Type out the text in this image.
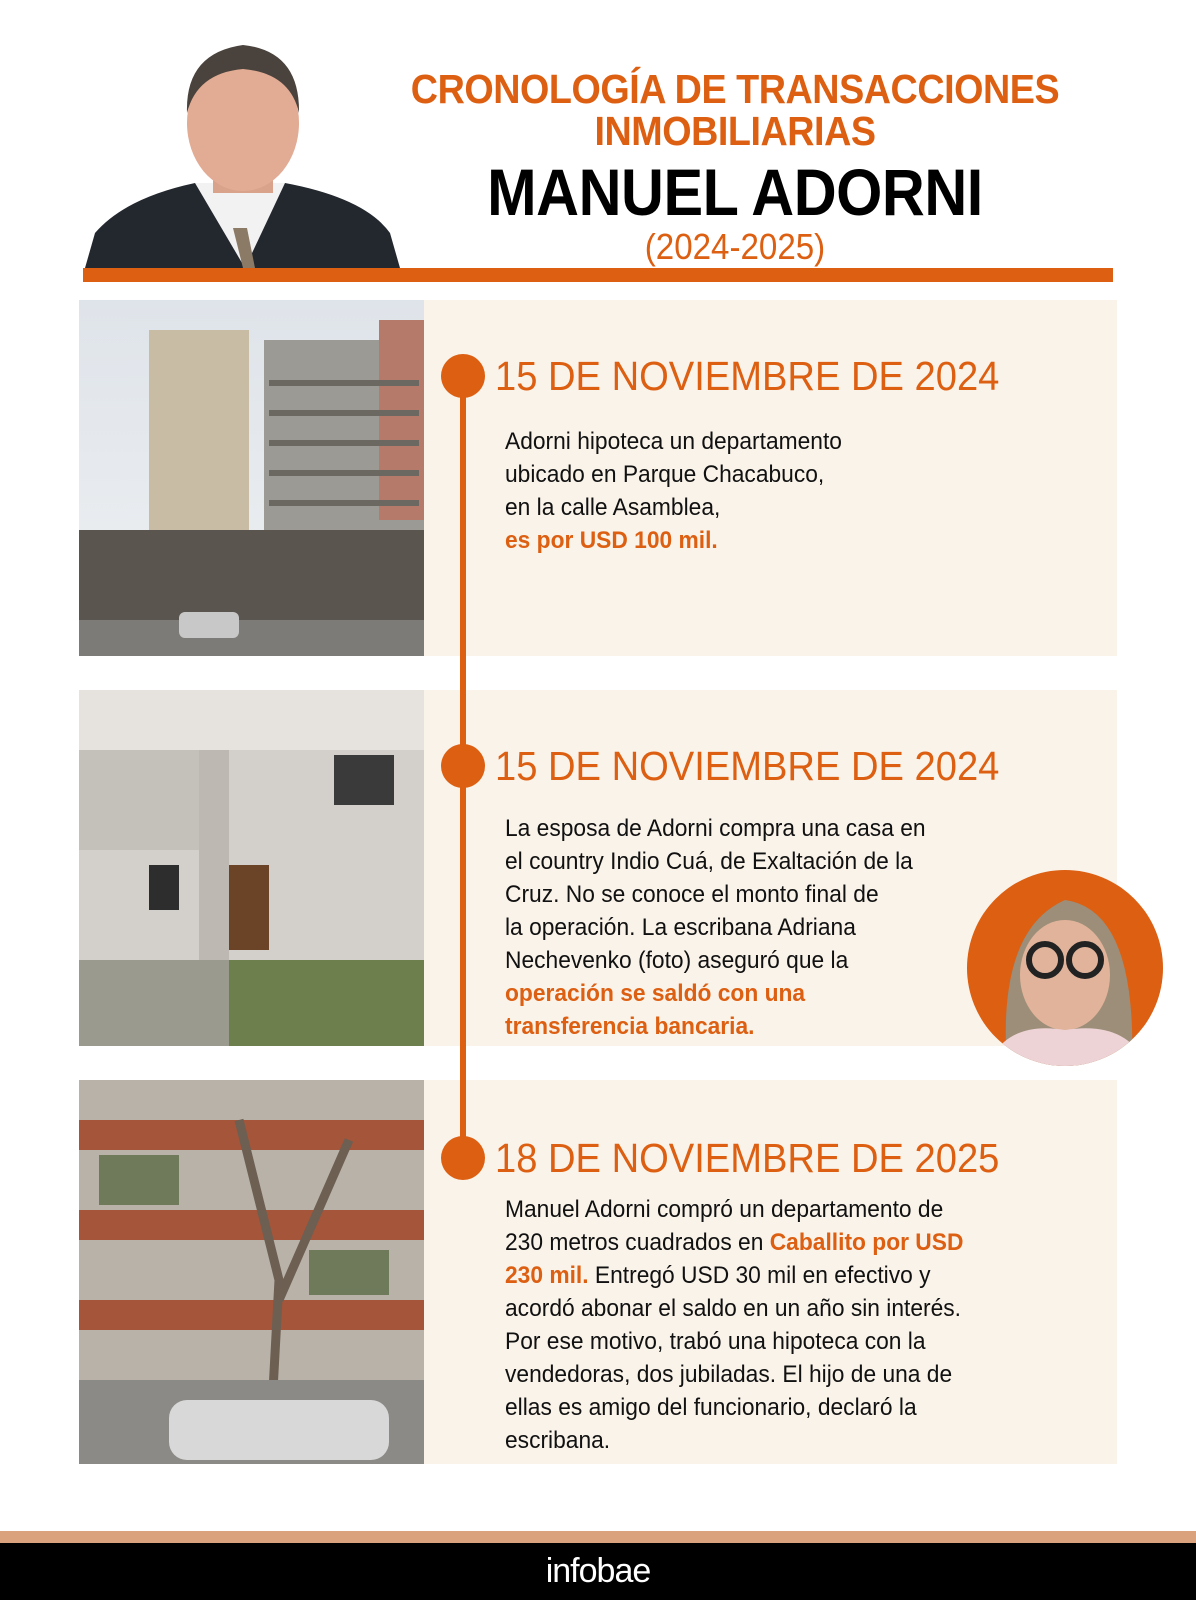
CRONOLOGÍA DE TRANSACCIONES
INMOBILIARIAS
MANUEL ADORNI
(2024-2025)
15 DE NOVIEMBRE DE 2024
15 DE NOVIEMBRE DE 2024
18 DE NOVIEMBRE DE 2025
Adorni hipoteca un departamento
ubicado en Parque Chacabuco,
en la calle Asamblea,
es por USD 100 mil.
La esposa de Adorni compra una casa en
el country Indio Cuá, de Exaltación de la
Cruz. No se conoce el monto final de
la operación. La escribana Adriana
Nechevenko (foto) aseguró que la
operación se saldó con una
transferencia bancaria.
Manuel Adorni compró un departamento de
230 metros cuadrados en Caballito por USD
230 mil. Entregó USD 30 mil en efectivo y
acordó abonar el saldo en un año sin interés.
Por ese motivo, trabó una hipoteca con la
vendedoras, dos jubiladas. El hijo de una de
ellas es amigo del funcionario, declaró la
escribana.
infobae
